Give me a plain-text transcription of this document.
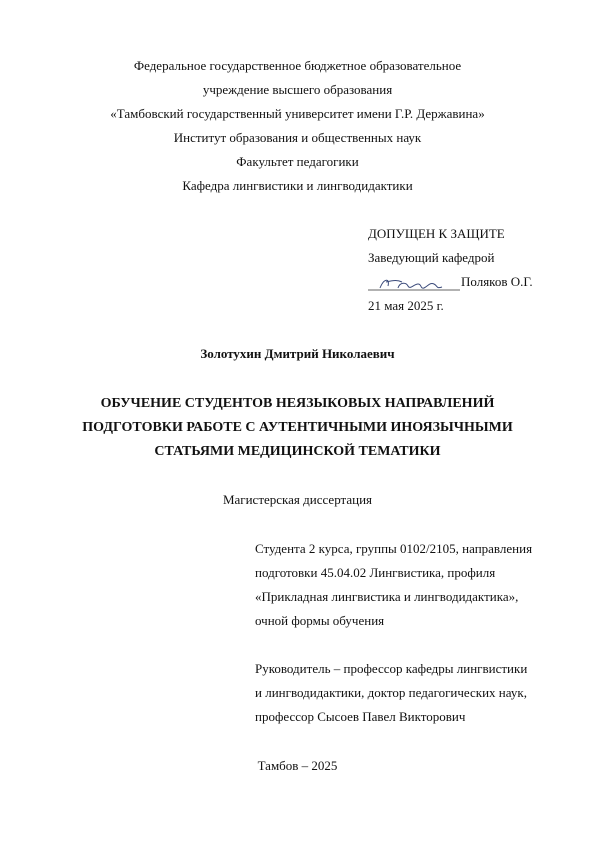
Федеральное государственное бюджетное образовательное
учреждение высшего образования
«Тамбовский государственный университет имени Г.Р. Державина»
Институт образования и общественных наук
Факультет педагогики
Кафедра лингвистики и лингводидактики
ДОПУЩЕН К ЗАЩИТЕ
Заведующий кафедрой
Поляков О.Г.
21 мая 2025 г.
Золотухин Дмитрий Николаевич
ОБУЧЕНИЕ СТУДЕНТОВ НЕЯЗЫКОВЫХ НАПРАВЛЕНИЙ
ПОДГОТОВКИ РАБОТЕ С АУТЕНТИЧНЫМИ ИНОЯЗЫЧНЫМИ
СТАТЬЯМИ МЕДИЦИНСКОЙ ТЕМАТИКИ
Магистерская диссертация
Студента 2 курса, группы 0102/2105, направления
подготовки 45.04.02 Лингвистика, профиля
«Прикладная лингвистика и лингводидактика»,
очной формы обучения
Руководитель – профессор кафедры лингвистики
и лингводидактики, доктор педагогических наук,
профессор Сысоев Павел Викторович
Тамбов – 2025
